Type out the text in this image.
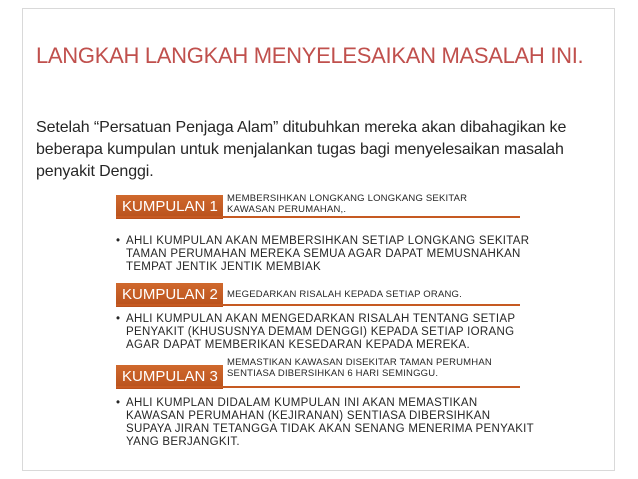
LANGKAH LANGKAH MENYELESAIKAN MASALAH INI.
Setelah “Persatuan Penjaga Alam” ditubuhkan mereka akan dibahagikan ke beberapa kumpulan untuk menjalankan tugas bagi menyelesaikan masalah penyakit Denggi.
KUMPULAN 1 MEMBERSIHKAN LONGKANG LONGKANG SEKITAR KAWASAN PERUMAHAN,.
• AHLI KUMPULAN AKAN MEMBERSIHKAN SETIAP LONGKANG SEKITAR TAMAN PERUMAHAN MEREKA SEMUA AGAR DAPAT MEMUSNAHKAN TEMPAT JENTIK JENTIK MEMBIAK
KUMPULAN 2 MEGEDARKAN RISALAH KEPADA SETIAP ORANG.
• AHLI KUMPULAN AKAN MENGEDARKAN RISALAH TENTANG SETIAP PENYAKIT (KHUSUSNYA DEMAM DENGGI) KEPADA SETIAP IORANG AGAR DAPAT MEMBERIKAN KESEDARAN KEPADA MEREKA.
KUMPULAN 3
MEMASTIKAN KAWASAN DISEKITAR TAMAN PERUMHAN SENTIASA DIBERSIHKAN 6 HARI SEMINGGU.
• AHLI KUMPLAN DIDALAM KUMPULAN INI AKAN MEMASTIKAN KAWASAN PERUMAHAN (KEJIRANAN) SENTIASA DIBERSIHKAN SUPAYA JIRAN TETANGGA TIDAK AKAN SENANG MENERIMA PENYAKIT YANG BERJANGKIT.
